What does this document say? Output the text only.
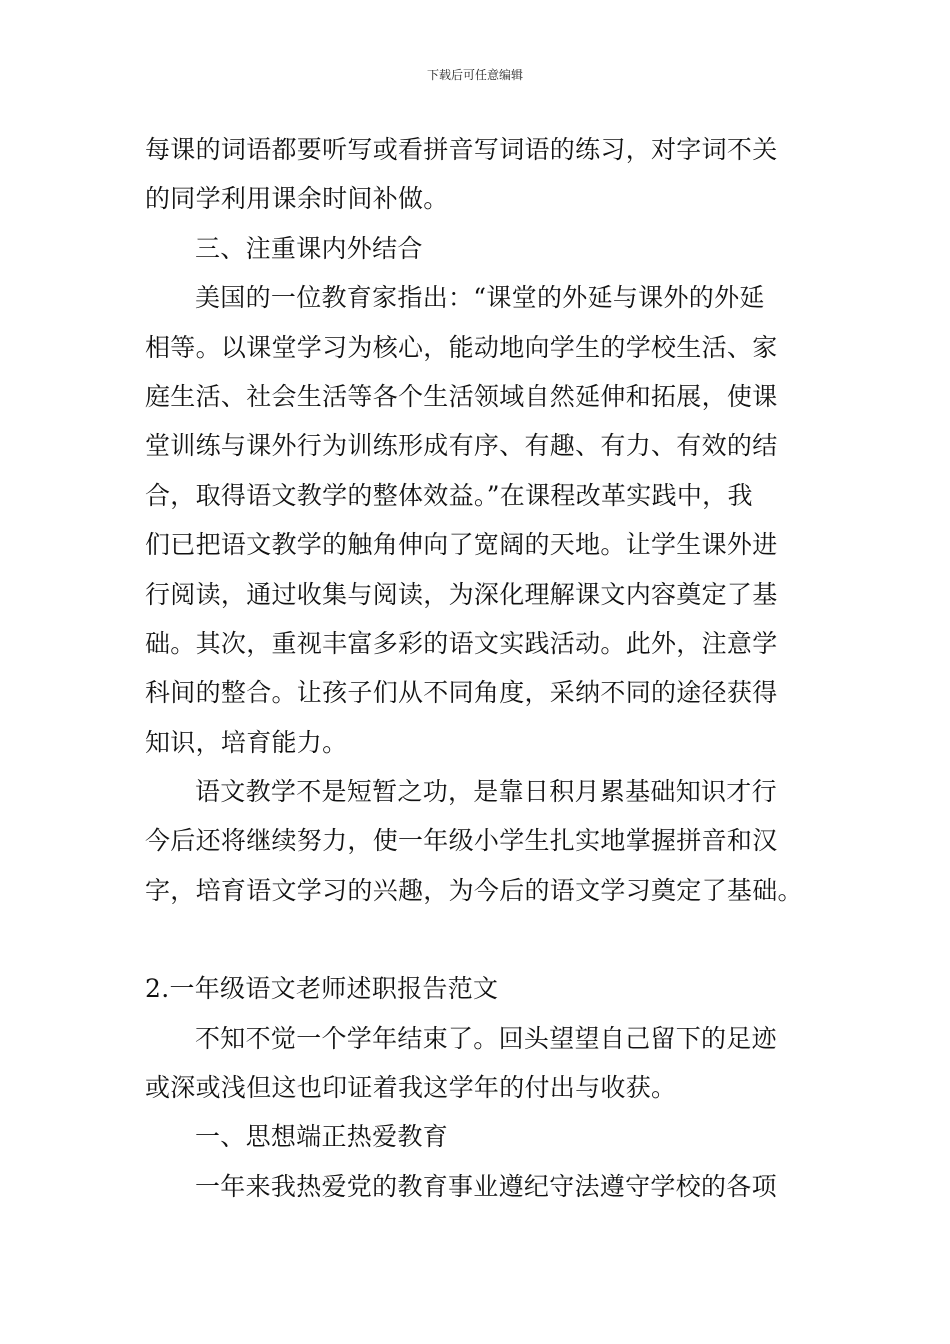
下载后可任意编辑
每课的词语都要听写或看拼音写词语的练习，对字词不关
的同学利用课余时间补做。
三、注重课内外结合
美国的一位教育家指出：“课堂的外延与课外的外延
相等。以课堂学习为核心，能动地向学生的学校生活、家
庭生活、社会生活等各个生活领域自然延伸和拓展，使课
堂训练与课外行为训练形成有序、有趣、有力、有效的结
合，取得语文教学的整体效益。”在课程改革实践中，我
们已把语文教学的触角伸向了宽阔的天地。让学生课外进
行阅读，通过收集与阅读，为深化理解课文内容奠定了基
础。其次，重视丰富多彩的语文实践活动。此外，注意学
科间的整合。让孩子们从不同角度，采纳不同的途径获得
知识，培育能力。
语文教学不是短暂之功，是靠日积月累基础知识才行
今后还将继续努力，使一年级小学生扎实地掌握拼音和汉
字，培育语文学习的兴趣，为今后的语文学习奠定了基础。
2.一年级语文老师述职报告范文
不知不觉一个学年结束了。回头望望自己留下的足迹
或深或浅但这也印证着我这学年的付出与收获。
一、思想端正热爱教育
一年来我热爱党的教育事业遵纪守法遵守学校的各项
